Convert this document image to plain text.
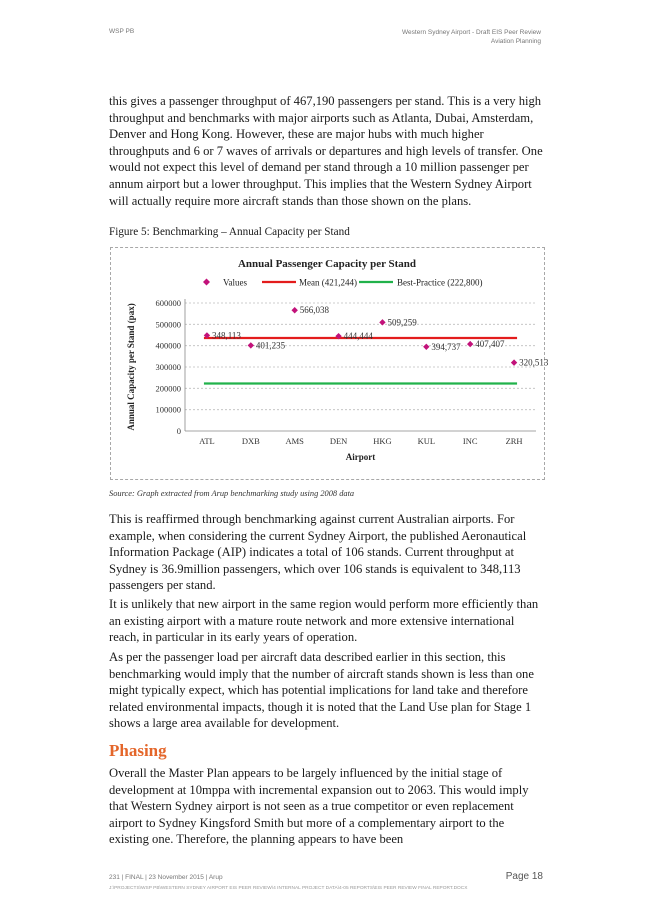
WSP PB	Western Sydney Airport - Draft EIS Peer Review
Aviation Planning
this gives a passenger throughput of 467,190 passengers per stand. This is a very high throughput and benchmarks with major airports such as Atlanta, Dubai, Amsterdam, Denver and Hong Kong. However, these are major hubs with much higher throughputs and 6 or 7 waves of arrivals or departures and high levels of transfer. One would not expect this level of demand per stand through a 10 million passenger per annum airport but a lower throughput. This implies that the Western Sydney Airport will actually require more aircraft stands than those shown on the plans.
Figure 5: Benchmarking – Annual Capacity per Stand
Annual Passenger Capacity per Stand
Values	Mean (421,244)	Best-Practice (222,800)
0
100000
200000
300000
400000
500000
600000
ATL	DXB	AMS	DEN	HKG	KUL	INC	ZRH
Airport
Annual Capacity per Stand (pax)	348,113
401,235
566,038
444,444
509,259
394,737 407,407
320,513
Source: Graph extracted from Arup benchmarking study using 2008 data
This is reaffirmed through benchmarking against current Australian airports. For example, when considering the current Sydney Airport, the published Aeronautical Information Package (AIP) indicates a total of 106 stands. Current throughput at Sydney is 36.9million passengers, which over 106 stands is equivalent to 348,113 passengers per stand.
It is unlikely that new airport in the same region would perform more efficiently than an existing airport with a mature route network and more extensive international reach, in particular in its early years of operation.
As per the passenger load per aircraft data described earlier in this section, this benchmarking would imply that the number of aircraft stands shown is less than one might typically expect, which has potential implications for land take and therefore related environmental impacts, though it is noted that the Land Use plan for Stage 1 shows a large area available for development.
Phasing
Overall the Master Plan appears to be largely influenced by the initial stage of development at 10mppa with incremental expansion out to 2063. This would imply that Western Sydney airport is not seen as a true competitor or even replacement airport to Sydney Kingsford Smith but more of a complementary airport to the existing one. Therefore, the planning appears to have been
231 | FINAL | 23 November 2015 | Arup	Page 18
J:\PROJECTS\WSP PB\WESTERN SYDNEY AIRPORT EIS PEER REVIEW\4 INTERNAL PROJECT DATA\4-05 REPORTS\EIS PEER REVIEW FINAL REPORT.DOCX
